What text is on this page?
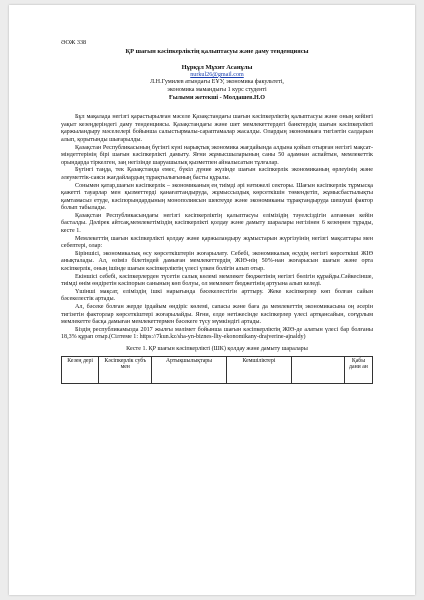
ӘОЖ 338
ҚР шағын кәсіпкерліктің қалыптасуы және даму тенденциясы
Нұрқұл Мұхит Асанұлы
nurkul26@gmail.com
Л.Н.Гумилев атындағы ЕҰУ, экономика факультеті,
экономика мамандығы 1 курс студенті
Ғылыми жетекші - Молдашев.Н.О

Бұл мақалада негізгі қарастырылған мәселе Қазақстандағы шағын кәсіпкерліктің қалыптасуы және оның кейінгі уақыт кезеңдеріндегі даму тенденциясы. Қазақстандағы және шет мемлекеттердегі банктердің шағын кәсіпкерлікті қаржыландыру мәселелері бойынша салыстырмалы-сараптамалар жасалды. Олардың экономикаға тигізетін салдарын алып, қорытынды шығарылды.

Қазақстан Республикасының бүгінгі күні нарықтық экономика жағдайында алдына қойып отырған негізгі мақсат-міндеттерінің бірі шағын кәсіпкерлікті дамыту. Яғни жұмысшыларының саны 50 адамнан аспайтын, мемлекеттік орындарда тіркелген, заң негізінде шаруашылық қызметпен айналысатын тұлғалар.

Бүгінгі таңда, тек Қазақстанда емес, бүкіл дүние жүзінде шағын кәсіпкерлік экономиканың өрлеуінің және әлеуметтік-саяси жағдайлардың тұрақтылығының басты құралы.

Сонымен қатар,шағын кәсіпкерлік – экономиканың ең тиімді әрі нәтижелі секторы. Шағын кәсіпкерлік тұрмысқа қажетті тауарлар мен қызметтерді қанағаттандыруда, жұмыссыздық көрсеткішін төмендетіп, жұмысбастылықты қамтамасыз етуде, кәсіпорындардының монополиясын шектеуде және экономиканы тұрақтандыруда шешуші фактор болып табылады.

Қазақстан Республикасындағы негізгі кәсіпкерліктің қалыптасуы елімізідің тәуелсіздігін алғаннан кейін басталды. Дәлірек айтсақ,мемлекетіміздің кәсіпкерлікті қолдау және дамыту шаралары негізінен 6 кезеңнен тұрады, кесте 1.

Мемлекеттің шағын кәсіпкерлікті қолдау және қаржыландыру жұмыстарын жүргізуінің негізгі мақсаттары мен себептері, олар:

Біріншісі, экономикалық өсу көрсеткіштерін жоғарылату. Себебі, экономикалық өсудің негізгі көрсеткіші ЖІӨ анықталады. Ал, өзіміз білетіндей дамыған мемлекеттердің ЖІӨ-нің 50%-нан жоғарысын шағын және орта кәсіпкерлік, оның ішінде шағын кәсіпкерліктің үлесі үлкен болігін алып отыр.

Екіншісі себебі, кәсіпкерлерден түсетін салық көлемі мемлекет бюджетінің негізгі бөлігін құрайды.Сәйкесінше, тиімді өнім өндіретін кәсіпорын санының көп болуы, ол мемлекет бюджетінің артуына алып келеді.

Үшінші мақсат, еліміздің ішкі нарығында бәсекелестігін арттыру. Жеке кәсіпкерлер көп болған сайын бәсекелестік артады.

Ал, бәсеке болған жерде ірдайым өндіріс көлемі, сапасы және баға да мемлекеттің экономикасына оң әсерін тигізетін факторлар көрсеткіштері жоғарылайды. Яғни, елде нетіжесінде кәсіпкерлер үлесі артқансайын, соғұрлым мемлекетте басқа дамыған мемлекеттермен бәсекеге түсу мүмкіндігі артады.

Біздің республикамызда 2017 жылғы мәлімет бойынша шағын кәсіпкерліктің ЖІӨ-де алатын үлесі бар болғаны 18,3% құрап отыр.(Сілтеме 1: https://7kun.kz/sha-yn-biznes-llty-ekonomikany-drajverine-ajnaldy)

Кесте 1. ҚР шағын кәсіпкерлікті (ШК) қолдау және дамыту шаралары
Кезең дері	Кәсіпкерлік субъ мен	Артықшылықтары	Кемшіліктері		Қабы дани ан
